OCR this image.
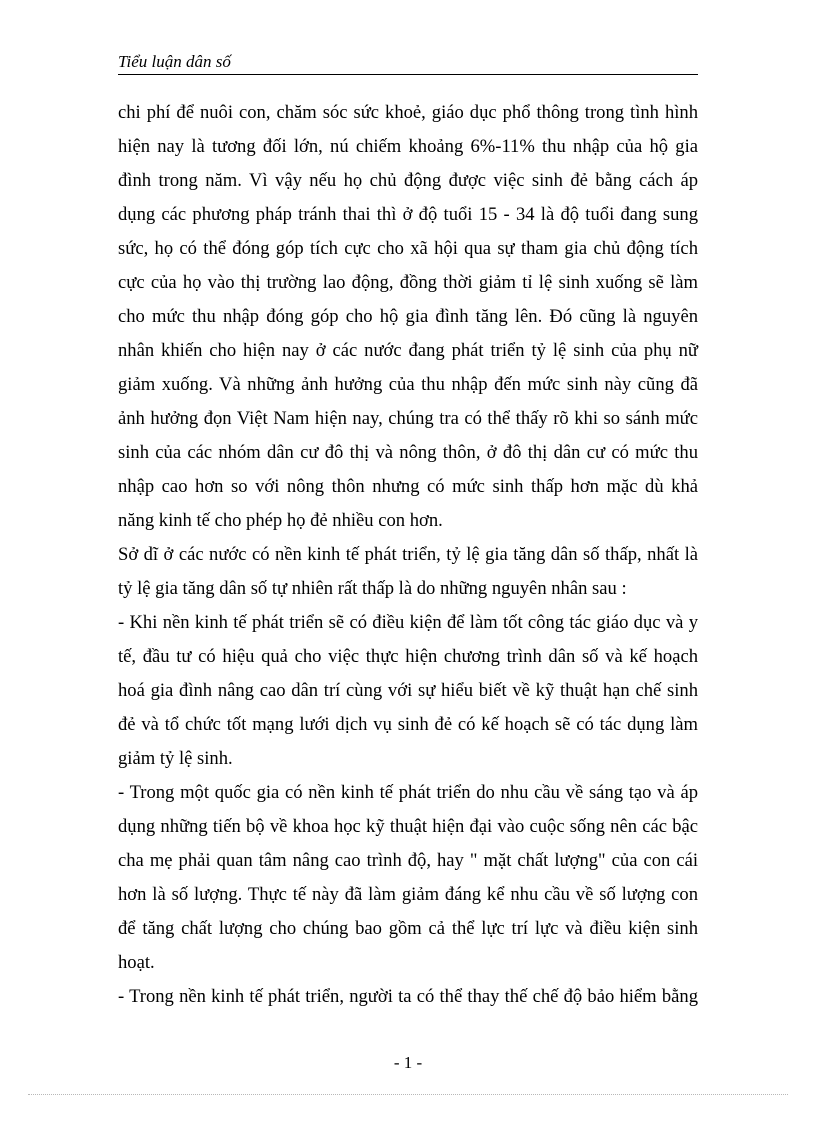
Tiểu luận dân số
chi phí để nuôi con, chăm sóc sức khoẻ, giáo dục phổ thông trong tình hình
hiện nay là tương đối lớn, nú chiếm khoảng 6%-11% thu nhập của hộ gia
đình trong năm. Vì vậy nếu họ chủ động được việc sinh đẻ bằng cách áp
dụng các phương pháp tránh thai thì ở độ tuổi 15 - 34 là độ tuổi đang sung
sức, họ có thể đóng góp tích cực cho xã hội qua sự tham gia chủ động tích
cực của họ vào thị trường lao động, đồng thời giảm tỉ lệ sinh xuống sẽ làm
cho mức thu nhập đóng góp cho hộ gia đình tăng lên. Đó cũng là nguyên
nhân khiến cho hiện nay ở các nước đang phát triển tỷ lệ sinh của phụ nữ
giảm xuống. Và những ảnh hưởng của thu nhập đến mức sinh này cũng đã
ảnh hưởng đọn Việt Nam hiện nay, chúng tra có thể thấy rõ khi so sánh mức
sinh của các nhóm dân cư đô thị và nông thôn, ở đô thị dân cư có mức thu
nhập cao hơn so với nông thôn nhưng có mức sinh thấp hơn mặc dù khả
năng kinh tế cho phép họ đẻ nhiều con hơn.
Sở dĩ ở các nước có nền kinh tế phát triển, tỷ lệ gia tăng dân số thấp, nhất là
tỷ lệ gia tăng dân số tự nhiên rất thấp là do những nguyên nhân sau :
- Khi nền kinh tế phát triển sẽ có điều kiện để làm tốt công tác giáo dục và y
tế, đầu tư có hiệu quả cho việc thực hiện chương trình dân số và kế hoạch
hoá gia đình nâng cao dân trí cùng với sự hiểu biết về kỹ thuật hạn chế sinh
đẻ và tổ chức tốt mạng lưới dịch vụ sinh đẻ có kế hoạch sẽ có tác dụng làm
giảm tỷ lệ sinh.
- Trong một quốc gia có nền kinh tế phát triển do nhu cầu về sáng tạo và áp
dụng những tiến bộ về khoa học kỹ thuật hiện đại vào cuộc sống nên các bậc
cha mẹ phải quan tâm nâng cao trình độ, hay " mặt chất lượng" của con cái
hơn là số lượng. Thực tế này đã làm giảm đáng kể nhu cầu về số lượng con
để tăng chất lượng cho chúng bao gồm cả thể lực trí lực và điều kiện sinh
hoạt.
- Trong nền kinh tế phát triển, người ta có thể thay thế chế độ bảo hiểm bằng
- 1 -
